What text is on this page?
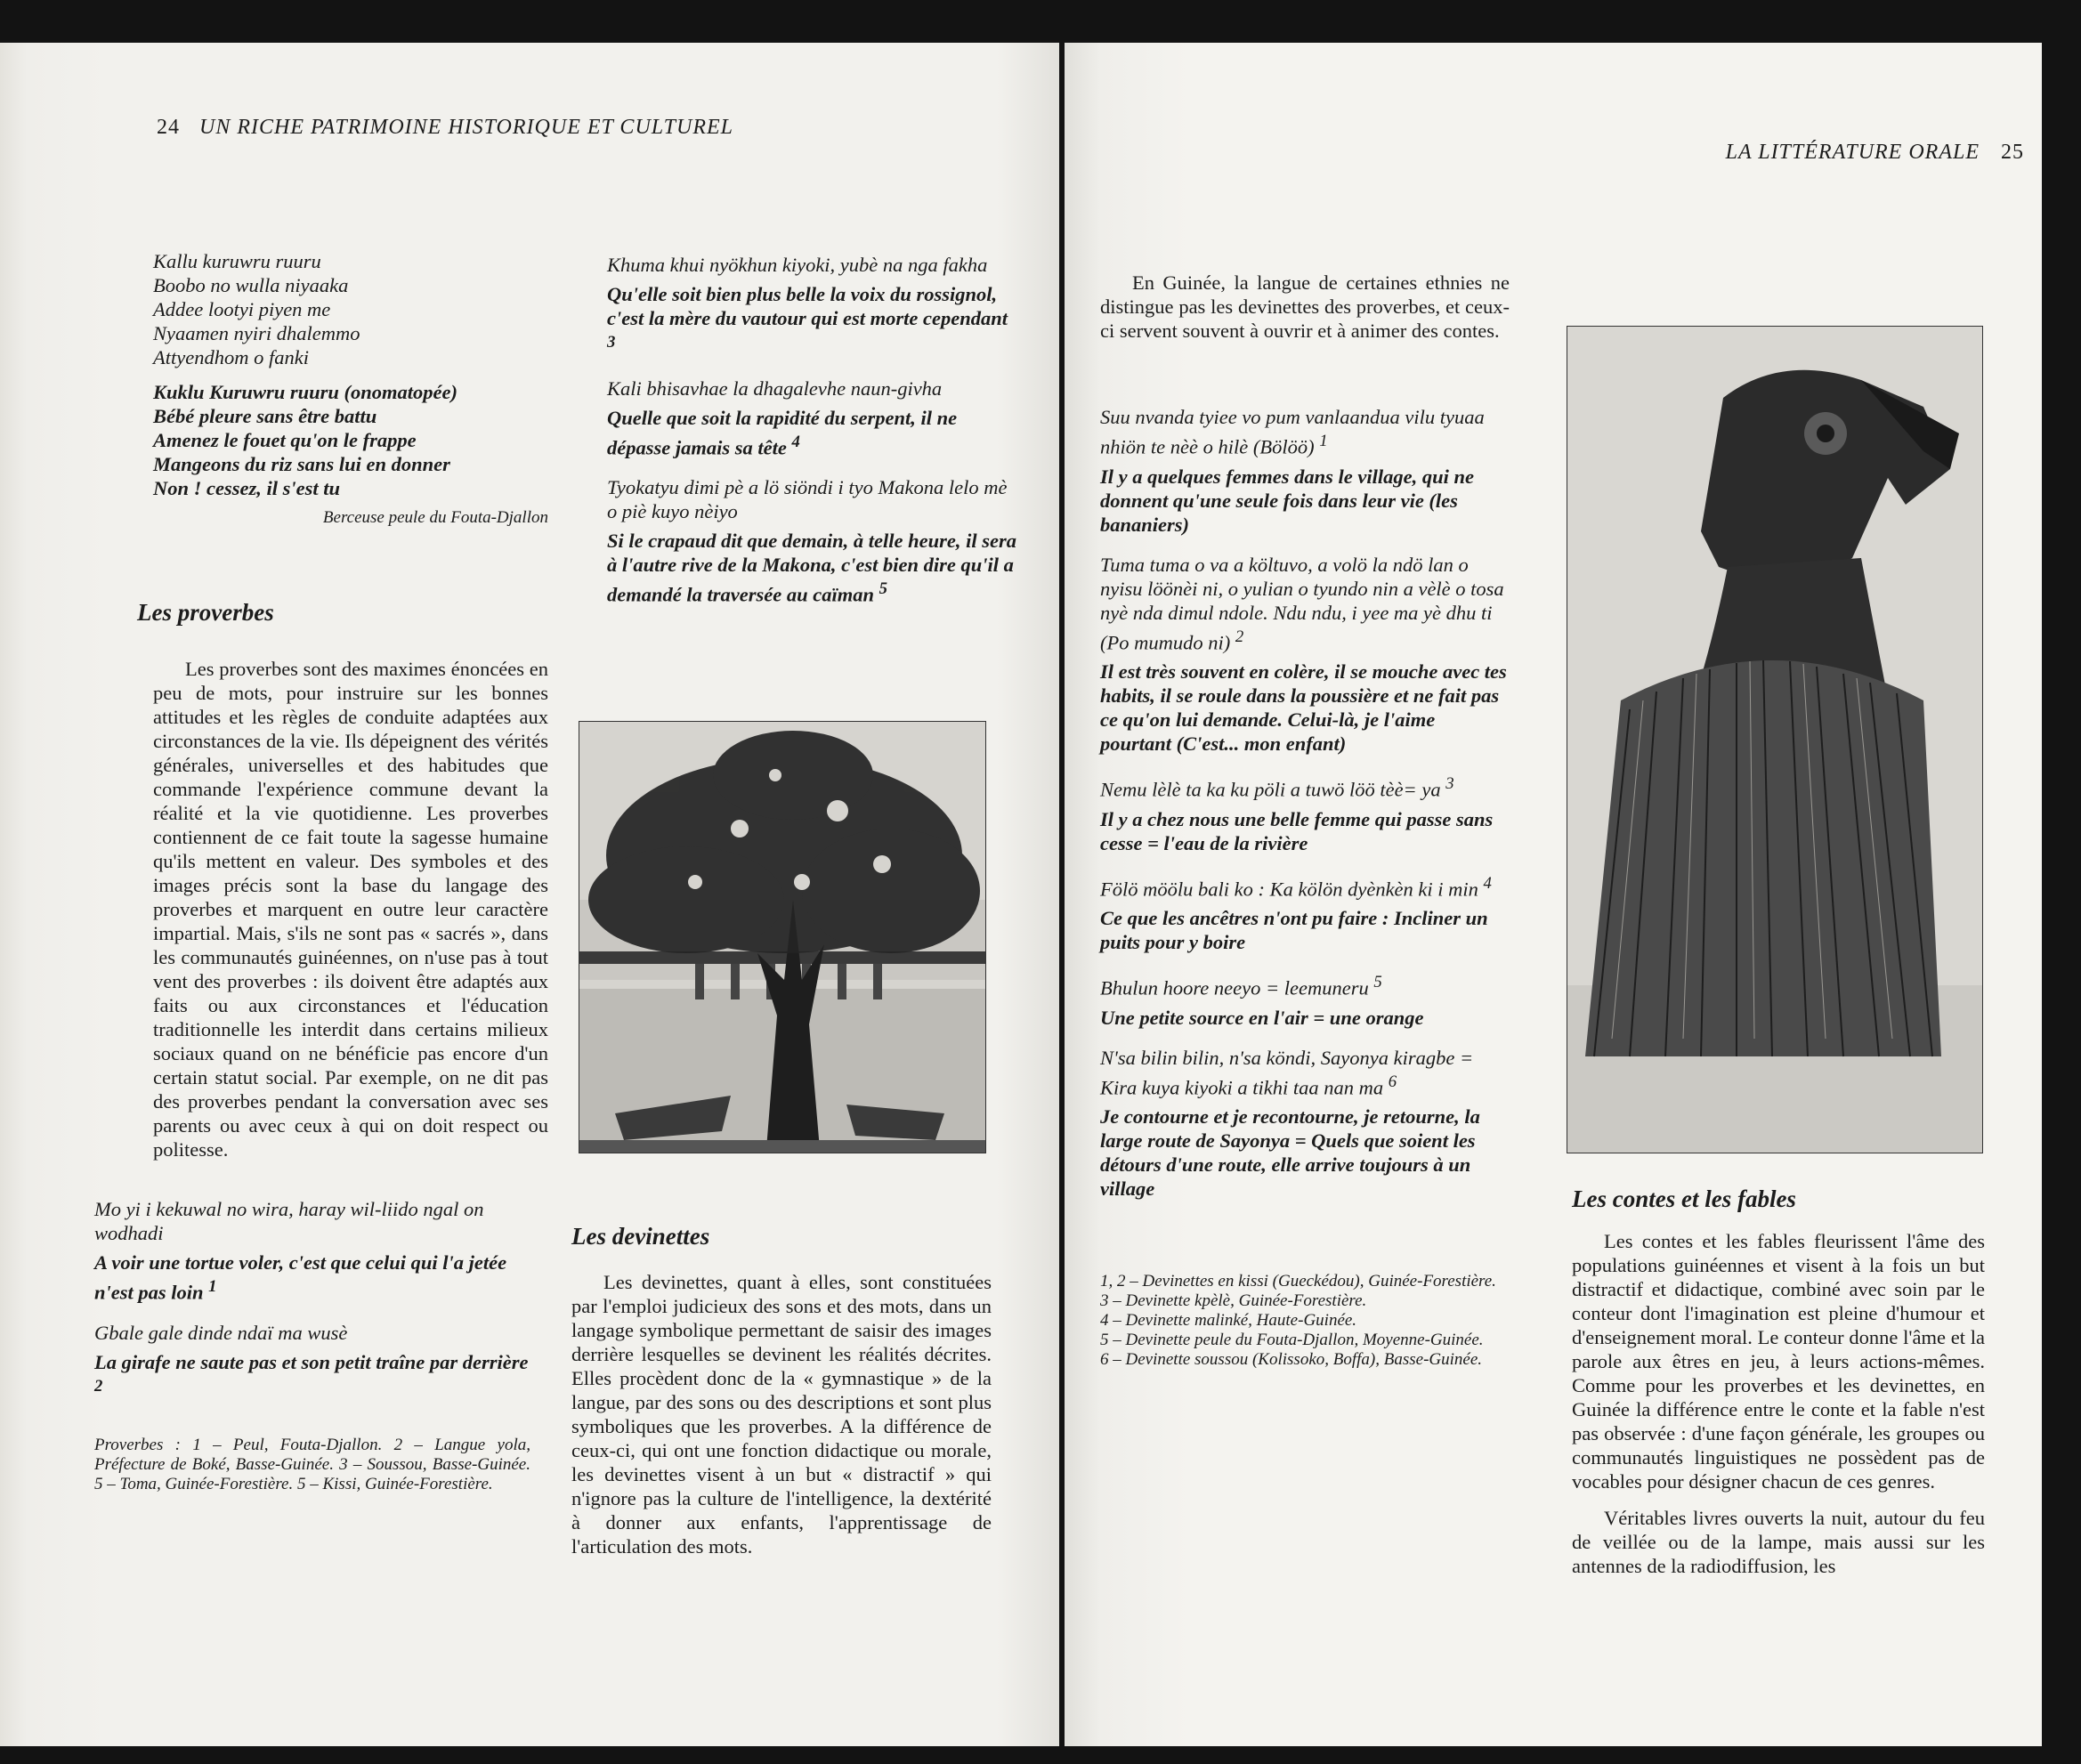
24 UN RICHE PATRIMOINE HISTORIQUE ET CULTUREL

Kallu kuruwru ruuru
Boobo no wulla niyaaka
Addee lootyi piyen me
Nyaamen nyiri dhalemmo
Attyendhom o fanki

Kuklu Kuruwru ruuru (onomatopée)
Bébé pleure sans être battu
Amenez le fouet qu'on le frappe
Mangeons du riz sans lui en donner
Non ! cessez, il s'est tu

Berceuse peule du Fouta-Djallon
Les proverbes

Les proverbes sont des maximes énoncées en peu de mots, pour instruire sur les bonnes attitudes et les règles de conduite adaptées aux circonstances de la vie. Ils dépeignent des vérités générales, universelles et des habitudes que commande l'expérience commune devant la réalité et la vie quotidienne. Les proverbes contiennent de ce fait toute la sagesse humaine qu'ils mettent en valeur. Des symboles et des images précis sont la base du langage des proverbes et marquent en outre leur caractère impartial. Mais, s'ils ne sont pas « sacrés », dans les communautés guinéennes, on n'use pas à tout vent des proverbes : ils doivent être adaptés aux faits ou aux circonstances et l'éducation traditionnelle les interdit dans certains milieux sociaux quand on ne bénéficie pas encore d'un certain statut social. Par exemple, on ne dit pas des proverbes pendant la conversation avec ses parents ou avec ceux à qui on doit respect ou politesse.

Mo yi i kekuwal no wira, haray wil-liido ngal on wodhadi

A voir une tortue voler, c'est que celui qui l'a jetée n'est pas loin $^1$

Gbale gale dinde ndaï ma wusè

La girafe ne saute pas et son petit traîne par derrière $^2$

Proverbes : 1 – Peul, Fouta-Djallon. 2 – Langue yola, Préfecture de Boké, Basse-Guinée. 3 – Soussou, Basse-Guinée. 5 – Toma, Guinée-Forestière. 5 – Kissi, Guinée-Forestière.

Khuma khui nyökhun kiyoki, yubè na nga fakha

Qu'elle soit bien plus belle la voix du rossignol, c'est la mère du vautour qui est morte cependant $^3$

Kali bhisavhae la dhagalevhe naun-givha

Quelle que soit la rapidité du serpent, il ne dépasse jamais sa tête $^4$

Tyokatyu dimi pè a lö siöndi i tyo Makona lelo mè o piè kuyo nèiyo

Si le crapaud dit que demain, à telle heure, il sera à l'autre rive de la Makona, c'est bien dire qu'il a demandé la traversée au caïman $^5$

Les devinettes

Les devinettes, quant à elles, sont constituées par l'emploi judicieux des sons et des mots, dans un langage symbolique permettant de saisir des images derrière lesquelles se devinent les réalités décrites. Elles procèdent donc de la « gymnastique » de la langue, par des sons ou des descriptions et sont plus symboliques que les proverbes. A la différence de ceux-ci, qui ont une fonction didactique ou morale, les devinettes visent à un but « distractif » qui n'ignore pas la culture de l'intelligence, la dextérité à donner aux enfants, l'apprentissage de l'articulation des mots.

LA LITTÉRATURE ORALE 25

En Guinée, la langue de certaines ethnies ne distingue pas les devinettes des proverbes, et ceux-ci servent souvent à ouvrir et à animer des contes.

Suu nvanda tyiee vo pum vanlaandua vilu tyuaa nhiön te nèè o hilè (Bölöö) $^1$

Il y a quelques femmes dans le village, qui ne donnent qu'une seule fois dans leur vie (les bananiers)

Tuma tuma o va a költuvo, a volö la ndö lan o nyisu löönèi ni, o yulian o tyundo nin a vèlè o tosa nyè nda dimul ndole. Ndu ndu, i yee ma yè dhu ti (Po mumudo ni) $^2$

Il est très souvent en colère, il se mouche avec tes habits, il se roule dans la poussière et ne fait pas ce qu'on lui demande. Celui-là, je l'aime pourtant (C'est... mon enfant)

Nemu lèlè ta ka ku pöli a tuwö löö tèè= ya $^3$

Il y a chez nous une belle femme qui passe sans cesse = l'eau de la rivière

Fölö möölu bali ko : Ka kölön dyènkèn ki i min $^4$

Ce que les ancêtres n'ont pu faire : Incliner un puits pour y boire

Bhulun hoore neeyo = leemuneru $^5$

Une petite source en l'air = une orange

N'sa bilin bilin, n'sa köndi, Sayonya kiragbe = Kira kuya kiyoki a tikhi taa nan ma $^6$

Je contourne et je recontourne, je retourne, la large route de Sayonya = Quels que soient les détours d'une route, elle arrive toujours à un village

1, 2 – Devinettes en kissi (Gueckédou), Guinée-Forestière.
3 – Devinette kpèlè, Guinée-Forestière.
4 – Devinette malinké, Haute-Guinée.
5 – Devinette peule du Fouta-Djallon, Moyenne-Guinée.
6 – Devinette soussou (Kolissoko, Boffa), Basse-Guinée.

Les contes et les fables

Les contes et les fables fleurissent l'âme des populations guinéennes et visent à la fois un but distractif et didactique, combiné avec soin par le conteur dont l'imagination est pleine d'humour et d'enseignement moral. Le conteur donne l'âme et la parole aux êtres en jeu, à leurs actions-mêmes. Comme pour les proverbes et les devinettes, en Guinée la différence entre le conte et la fable n'est pas observée : d'une façon générale, les groupes ou communautés linguistiques ne possèdent pas de vocables pour désigner chacun de ces genres.

Véritables livres ouverts la nuit, autour du feu de veillée ou de la lampe, mais aussi sur les antennes de la radiodiffusion, les
